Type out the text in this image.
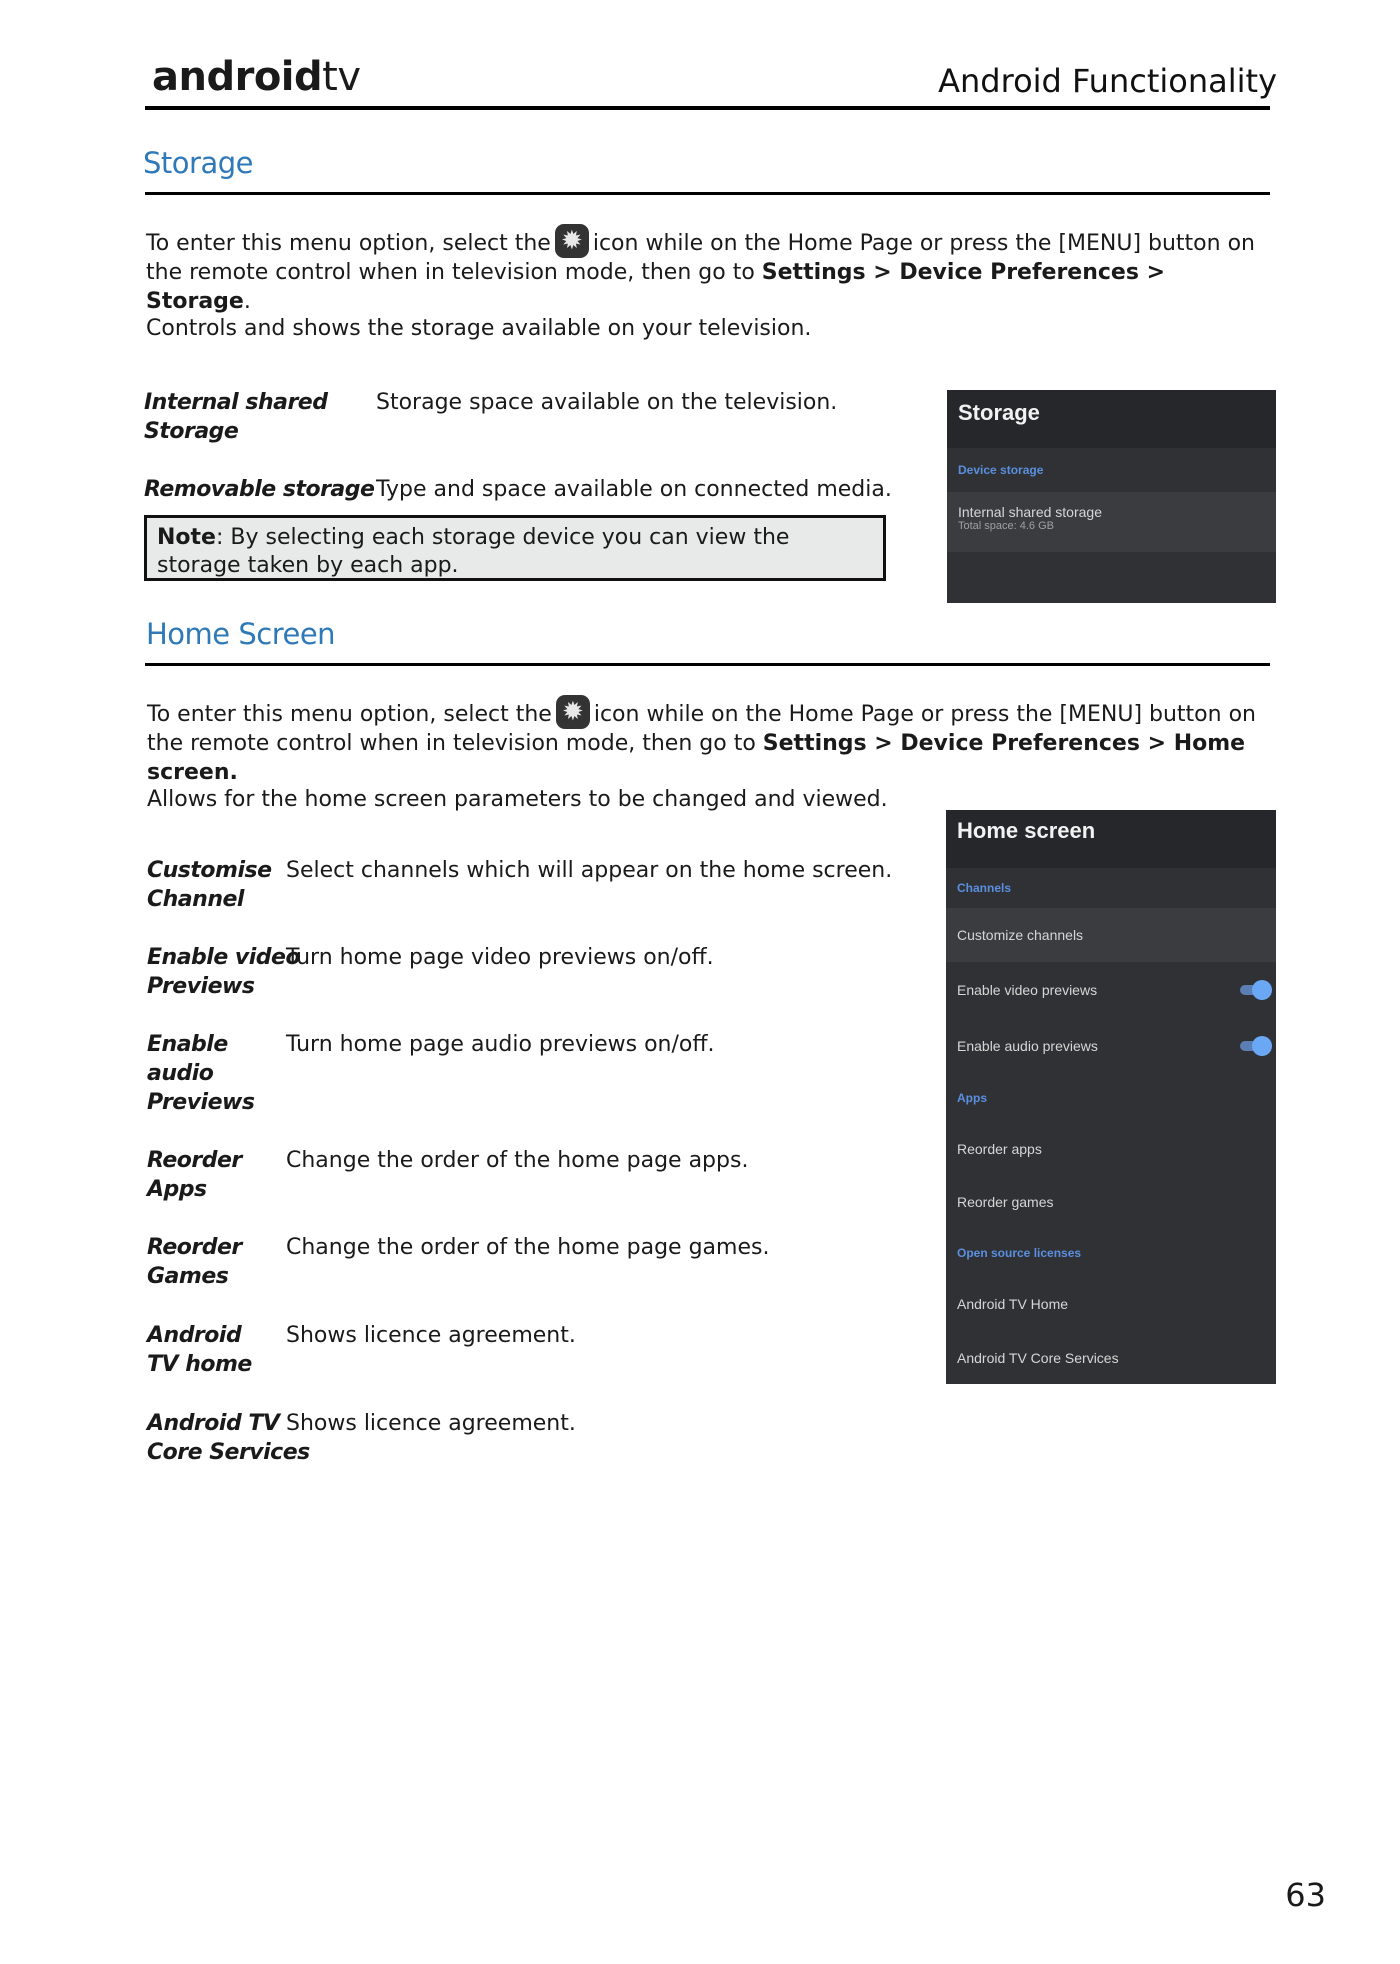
androidtv	Android Functionality
Storage
To enter this menu option, select the ✹ icon while on the Home Page or press the [MENU] button on the remote control when in television mode, then go to Settings > Device Preferences > Storage.
Controls and shows the storage available on your television.
Internal shared
Storage
Storage space available on the television.
Removable storage Type and space available on connected media.
Note: By selecting each storage device you can view the storage taken by each app.
Storage
Device storage
Internal shared storage
Total space: 4.6 GB
Home Screen
To enter this menu option, select the ✹ icon while on the Home Page or press the [MENU] button on the remote control when in television mode, then go to Settings > Device Preferences > Home screen.
Allows for the home screen parameters to be changed and viewed.
Customise
Channel
Select channels which will appear on the home screen.
Enable video
Previews
Turn home page video previews on/off.
Enable
audio
Previews
Turn home page audio previews on/off.
Reorder
Apps
Change the order of the home page apps.
Reorder
Games
Change the order of the home page games.
Android
TV home
Shows licence agreement.
Android TV
Core Services
Shows licence agreement.
Home screen
Channels
Customize channels
Enable video previews
Enable audio previews
Apps
Reorder apps
Reorder games
Open source licenses
Android TV Home
Android TV Core Services
63
